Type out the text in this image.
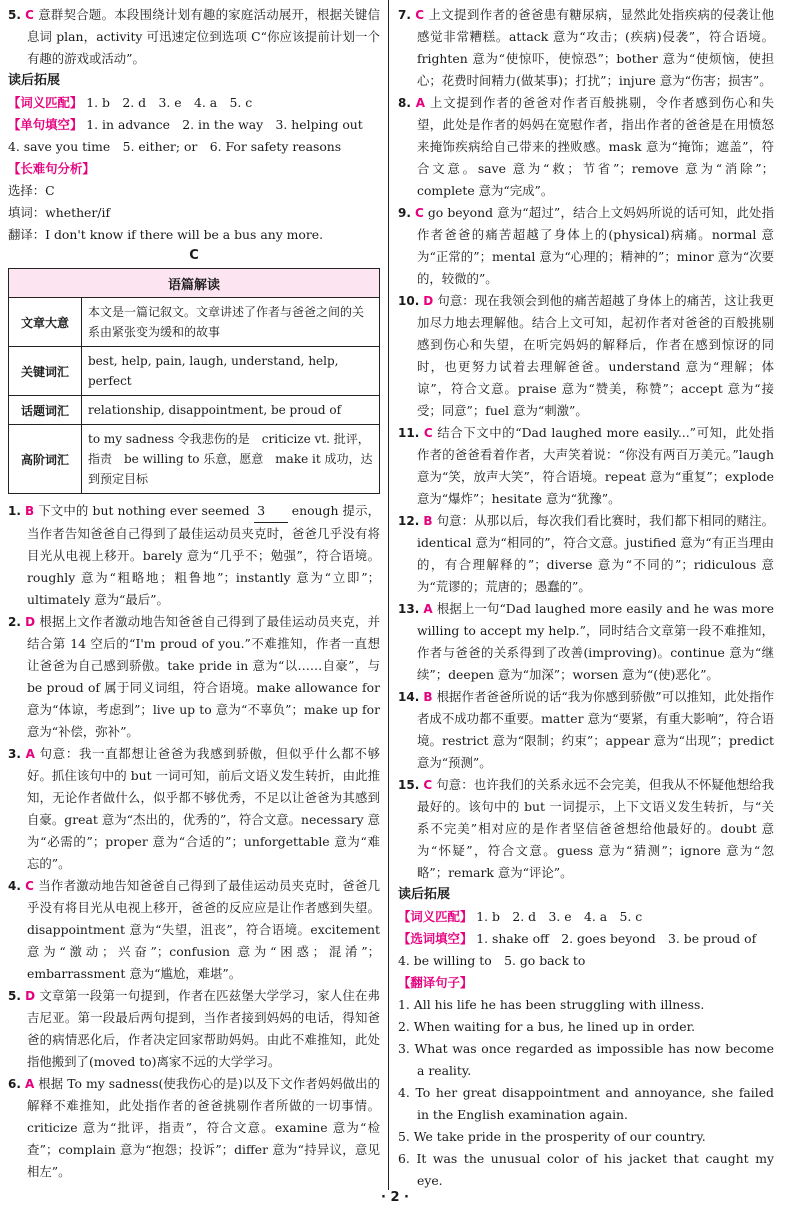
5. C 意群契合题。本段围绕计划有趣的家庭活动展开，根据关键信息词 plan，activity 可迅速定位到选项 C“你应该提前计划一个有趣的游戏或活动”。

读后拓展

【词义匹配】 1. b　2. d　3. e　4. a　5. c

【单句填空】 1. in advance　2. in the way　3. helping out

4. save you time　5. either; or　6. For safety reasons

【长难句分析】

选择：C

填词：whether/if

翻译：I don't know if there will be a bus any more.

C

语篇解读	
文章大意	本文是一篇记叙文。文章讲述了作者与爸爸之间的关系由紧张变为缓和的故事
关键词汇	best, help, pain, laugh, understand, help, perfect
话题词汇	relationship, disappointment, be proud of
高阶词汇	to my sadness 令我悲伤的是　criticize vt. 批评，指责　be willing to 乐意，愿意　make it 成功，达到预定目标

1. B 下文中的 but nothing ever seemed 3 enough 提示，当作者告知爸爸自己得到了最佳运动员夹克时，爸爸几乎没有将目光从电视上移开。barely 意为“几乎不；勉强”，符合语境。roughly 意为“粗略地；粗鲁地”；instantly 意为“立即”；ultimately 意为“最后”。

2. D 根据上文作者激动地告知爸爸自己得到了最佳运动员夹克，并结合第 14 空后的“I'm proud of you.”不难推知，作者一直想让爸爸为自己感到骄傲。take pride in 意为“以……自豪”，与 be proud of 属于同义词组，符合语境。make allowance for 意为“体谅，考虑到”；live up to 意为“不辜负”；make up for 意为“补偿，弥补”。

3. A 句意：我一直都想让爸爸为我感到骄傲，但似乎什么都不够好。抓住该句中的 but 一词可知，前后文语义发生转折，由此推知，无论作者做什么，似乎都不够优秀，不足以让爸爸为其感到自豪。great 意为“杰出的，优秀的”，符合文意。necessary 意为“必需的”；proper 意为“合适的”；unforgettable 意为“难忘的”。

4. C 当作者激动地告知爸爸自己得到了最佳运动员夹克时，爸爸几乎没有将目光从电视上移开，爸爸的反应应是让作者感到失望。disappointment 意为“失望，沮丧”，符合语境。excitement 意为“激动；兴奋”；confusion 意为“困惑；混淆”；embarrassment 意为“尴尬，难堪”。

5. D 文章第一段第一句提到，作者在匹兹堡大学学习，家人住在弗吉尼亚。第一段最后两句提到，当作者接到妈妈的电话，得知爸爸的病情恶化后，作者决定回家帮助妈妈。由此不难推知，此处指他搬到了(moved to)离家不远的大学学习。

6. A 根据 To my sadness(使我伤心的是)以及下文作者妈妈做出的解释不难推知，此处指作者的爸爸挑剔作者所做的一切事情。criticize 意为“批评，指责”，符合文意。examine 意为“检查”；complain 意为“抱怨；投诉”；differ 意为“持异议，意见相左”。

7. C 上文提到作者的爸爸患有糖尿病，显然此处指疾病的侵袭让他感觉非常糟糕。attack 意为“攻击；(疾病)侵袭”，符合语境。frighten 意为“使惊吓，使惊恐”；bother 意为“使烦恼，使担心；花费时间精力(做某事)；打扰”；injure 意为“伤害；损害”。

8. A 上文提到作者的爸爸对作者百般挑剔，令作者感到伤心和失望，此处是作者的妈妈在宽慰作者，指出作者的爸爸是在用愤怒来掩饰疾病给自己带来的挫败感。mask 意为“掩饰；遮盖”，符合文意。save 意为“救；节省”；remove 意为“消除”；complete 意为“完成”。

9. C go beyond 意为“超过”，结合上文妈妈所说的话可知，此处指作者爸爸的痛苦超越了身体上的(physical)病痛。normal 意为“正常的”；mental 意为“心理的；精神的”；minor 意为“次要的，较微的”。

10. D 句意：现在我领会到他的痛苦超越了身体上的痛苦，这让我更加尽力地去理解他。结合上文可知，起初作者对爸爸的百般挑剔感到伤心和失望，在听完妈妈的解释后，作者在感到惊讶的同时，也更努力试着去理解爸爸。understand 意为“理解；体谅”，符合文意。praise 意为“赞美，称赞”；accept 意为“接受；同意”；fuel 意为“刺激”。

11. C 结合下文中的“Dad laughed more easily...”可知，此处指作者的爸爸看着作者，大声笑着说：“你没有两百万美元。”laugh 意为“笑，放声大笑”，符合语境。repeat 意为“重复”；explode 意为“爆炸”；hesitate 意为“犹豫”。

12. B 句意：从那以后，每次我们看比赛时，我们都下相同的赌注。identical 意为“相同的”，符合文意。justified 意为“有正当理由的，有合理解释的”；diverse 意为“不同的”；ridiculous 意为“荒谬的；荒唐的；愚蠢的”。

13. A 根据上一句“Dad laughed more easily and he was more willing to accept my help.”，同时结合文章第一段不难推知，作者与爸爸的关系得到了改善(improving)。continue 意为“继续”；deepen 意为“加深”；worsen 意为“(使)恶化”。

14. B 根据作者爸爸所说的话“我为你感到骄傲”可以推知，此处指作者成不成功都不重要。matter 意为“要紧，有重大影响”，符合语境。restrict 意为“限制；约束”；appear 意为“出现”；predict 意为“预测”。

15. C 句意：也许我们的关系永远不会完美，但我从不怀疑他想给我最好的。该句中的 but 一词提示，上下文语义发生转折，与“关系不完美”相对应的是作者坚信爸爸想给他最好的。doubt 意为“怀疑”，符合文意。guess 意为“猜测”；ignore 意为“忽略”；remark 意为“评论”。

读后拓展

【词义匹配】 1. b　2. d　3. e　4. a　5. c

【选词填空】 1. shake off　2. goes beyond　3. be proud of

4. be willing to　5. go back to

【翻译句子】

1. All his life he has been struggling with illness.

2. When waiting for a bus, he lined up in order.

3. What was once regarded as impossible has now become a reality.

4. To her great disappointment and annoyance, she failed in the English examination again.

5. We take pride in the prosperity of our country.

6. It was the unusual color of his jacket that caught my eye.

· 2 ·
